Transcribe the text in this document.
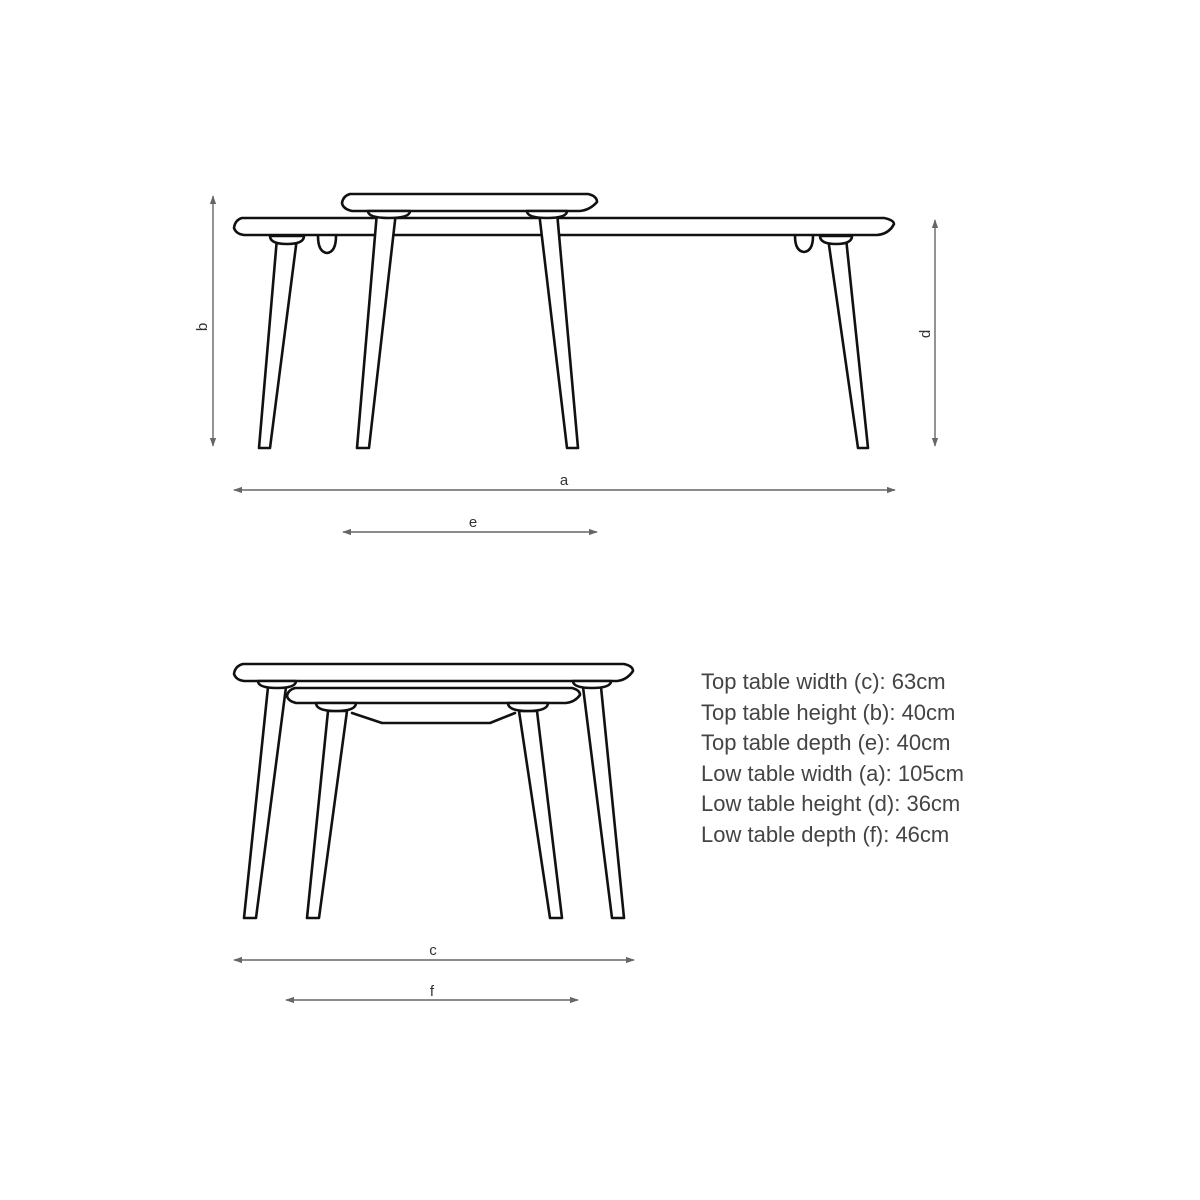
a
e
b
d
c
f
Top table width (c): 63cm
Top table height (b): 40cm
Top table depth (e): 40cm
Low table width (a): 105cm
Low table height (d): 36cm
Low table depth (f): 46cm
